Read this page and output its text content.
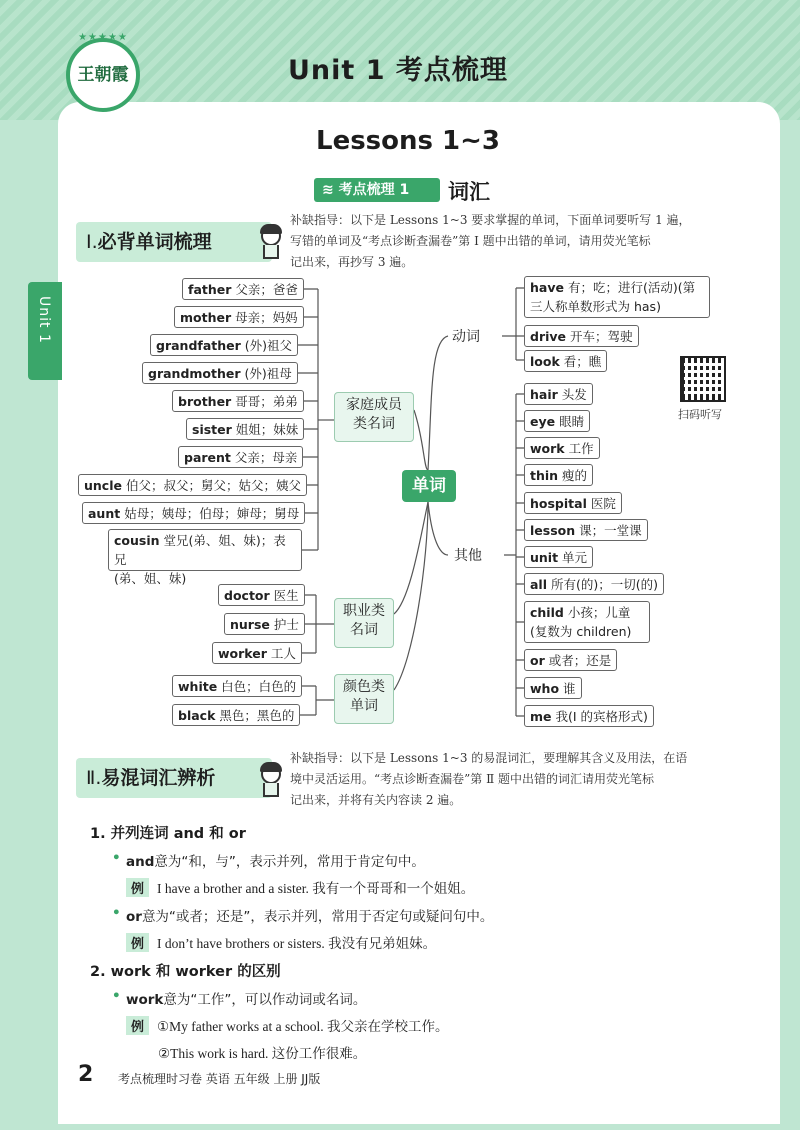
★★★★★
王朝霞	Unit 1 考点梳理
Unit 1
Lessons 1~3
≋ 考点梳理 1	词汇
Ⅰ.必背单词梳理
补缺指导：以下是 Lessons 1~3 要求掌握的单词，下面单词要听写 1 遍，
写错的单词及“考点诊断查漏卷”第 Ⅰ 题中出错的单词，请用荧光笔标
记出来，再抄写 3 遍。
father 父亲；爸爸
mother 母亲；妈妈
grandfather (外)祖父
grandmother (外)祖母
brother 哥哥；弟弟
sister 姐姐；妹妹
parent 父亲；母亲
uncle 伯父；叔父；舅父；姑父；姨父
aunt 姑母；姨母；伯母；婶母；舅母
cousin 堂兄(弟、姐、妹)；表兄
(弟、姐、妹)
doctor 医生
nurse 护士
worker 工人
white 白色；白色的
black 黑色；黑色的
家庭成员
类名词
职业类
名词
颜色类
单词
单词
动词
其他
have 有；吃；进行(活动)(第
三人称单数形式为 has)
drive 开车；驾驶
look 看；瞧
hair 头发
eye 眼睛
work 工作
thin 瘦的
hospital 医院
lesson 课；一堂课
unit 单元
all 所有(的)；一切(的)
child 小孩；儿童
(复数为 children)
or 或者；还是
who 谁
me 我(I 的宾格形式)
扫码听写
Ⅱ.易混词汇辨析
补缺指导：以下是 Lessons 1~3 的易混词汇，要理解其含义及用法，在语
境中灵活运用。“考点诊断查漏卷”第 Ⅱ 题中出错的词汇请用荧光笔标
记出来，并将有关内容读 2 遍。
1. 并列连词 and 和 or
• and意为“和，与”，表示并列，常用于肯定句中。
例 I have a brother and a sister. 我有一个哥哥和一个姐姐。
• or意为“或者；还是”，表示并列，常用于否定句或疑问句中。
例 I don’t have brothers or sisters. 我没有兄弟姐妹。
2. work 和 worker 的区别
• work意为“工作”，可以作动词或名词。
例 ①My father works at a school. 我父亲在学校工作。
②This work is hard. 这份工作很难。
2 考点梳理时习卷 英语 五年级 上册 JJ版
